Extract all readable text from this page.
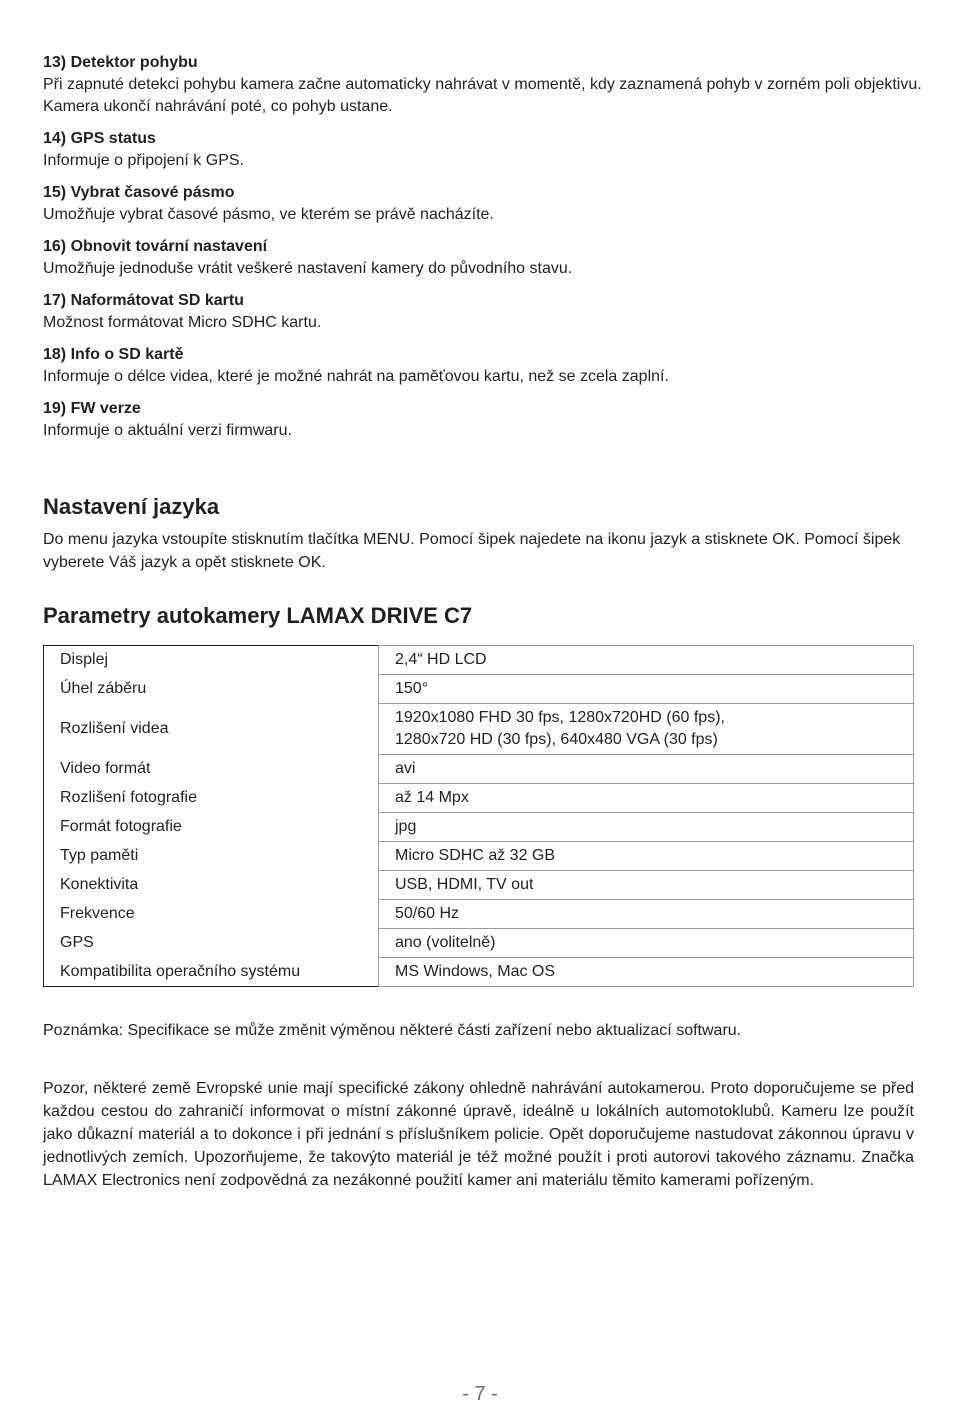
13) Detektor pohybu
Při zapnuté detekci pohybu kamera začne automaticky nahrávat v momentě, kdy zaznamená pohyb v zorném poli objektivu. Kamera ukončí nahrávání poté, co pohyb ustane.
14) GPS status
Informuje o připojení k GPS.
15) Vybrat časové pásmo
Umožňuje vybrat časové pásmo, ve kterém se právě nacházíte.
16) Obnovit tovární nastavení
Umožňuje jednoduše vrátit veškeré nastavení kamery do původního stavu.
17) Naformátovat SD kartu
Možnost formátovat Micro SDHC kartu.
18) Info o SD kartě
Informuje o délce videa, které je možné nahrát na paměťovou kartu, než se zcela zaplní.
19) FW verze
Informuje o aktuální verzi firmwaru.
Nastavení jazyka
Do menu jazyka vstoupíte stisknutím tlačítka MENU. Pomocí šipek najedete na ikonu jazyk a stisknete OK. Pomocí šipek vyberete Váš jazyk a opět stisknete OK.
Parametry autokamery LAMAX DRIVE C7
Displej	2,4“ HD LCD
Úhel záběru	150°
Rozlišení videa	1920x1080 FHD 30 fps, 1280x720HD (60 fps),
1280x720 HD (30 fps), 640x480 VGA (30 fps)

Video formát	avi
Rozlišení fotografie	až 14 Mpx
Formát fotografie	jpg
Typ paměti	Micro SDHC až 32 GB
Konektivita	USB, HDMI, TV out
Frekvence	50/60 Hz
GPS	ano (volitelně)
Kompatibilita operačního systému	MS Windows, Mac OS
Poznámka: Specifikace se může změnit výměnou některé části zařízení nebo aktualizací softwaru.
Pozor, některé země Evropské unie mají specifické zákony ohledně nahrávání autokamerou. Proto doporučujeme se před každou cestou do zahraničí informovat o místní zákonné úpravě, ideálně u lokálních automotoklubů. Kameru lze použít jako důkazní materiál a to dokonce i při jednání s příslušníkem policie. Opět doporučujeme nastudovat zákonnou úpravu v jednotlivých zemích. Upozorňujeme, že takovýto materiál je též možné použít i proti autorovi takového záznamu. Značka LAMAX Electronics není zodpovědná za nezákonné použití kamer ani materiálu těmito kamerami pořízeným.
- 7 -
